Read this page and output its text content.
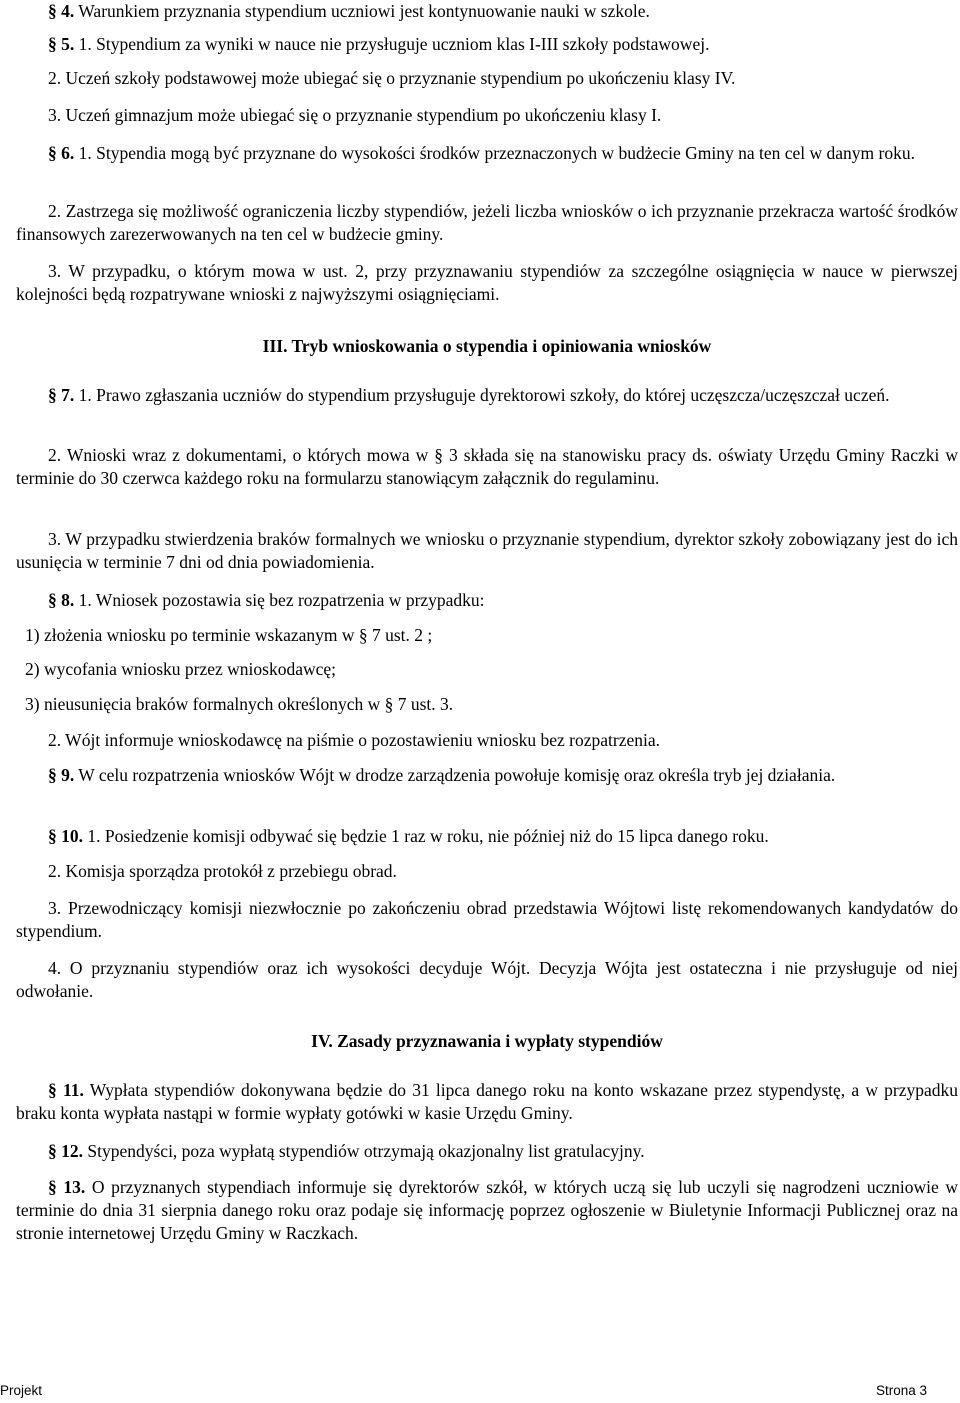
§ 4. Warunkiem przyznania stypendium uczniowi jest kontynuowanie nauki w szkole.

§ 5. 1. Stypendium za wyniki w nauce nie przysługuje uczniom klas I-III szkoły podstawowej.

2. Uczeń szkoły podstawowej może ubiegać się o przyznanie stypendium po ukończeniu klasy IV.

3. Uczeń gimnazjum może ubiegać się o przyznanie stypendium po ukończeniu klasy I.

§ 6. 1. Stypendia mogą być przyznane do wysokości środków przeznaczonych w budżecie Gminy na ten cel w danym roku.

2. Zastrzega się możliwość ograniczenia liczby stypendiów, jeżeli liczba wniosków o ich przyznanie przekracza wartość środków finansowych zarezerwowanych na ten cel w budżecie gminy.

3. W przypadku, o którym mowa w ust. 2, przy przyznawaniu stypendiów za szczególne osiągnięcia w nauce w pierwszej kolejności będą rozpatrywane wnioski z najwyższymi osiągnięciami.

III. Tryb wnioskowania o stypendia i opiniowania wniosków

§ 7. 1. Prawo zgłaszania uczniów do stypendium przysługuje dyrektorowi szkoły, do której uczęszcza/uczęszczał uczeń.

2. Wnioski wraz z dokumentami, o których mowa w § 3 składa się na stanowisku pracy ds. oświaty Urzędu Gminy Raczki w terminie do 30 czerwca każdego roku na formularzu stanowiącym załącznik do regulaminu.

3. W przypadku stwierdzenia braków formalnych we wniosku o przyznanie stypendium, dyrektor szkoły zobowiązany jest do ich usunięcia w terminie 7 dni od dnia powiadomienia.

§ 8. 1. Wniosek pozostawia się bez rozpatrzenia w przypadku:

1) złożenia wniosku po terminie wskazanym w § 7 ust. 2 ;

2) wycofania wniosku przez wnioskodawcę;

3) nieusunięcia braków formalnych określonych w § 7 ust. 3.

2. Wójt informuje wnioskodawcę na piśmie o pozostawieniu wniosku bez rozpatrzenia.

§ 9. W celu rozpatrzenia wniosków Wójt w drodze zarządzenia powołuje komisję oraz określa tryb jej działania.

§ 10. 1. Posiedzenie komisji odbywać się będzie 1 raz w roku, nie później niż do 15 lipca danego roku.

2. Komisja sporządza protokół z przebiegu obrad.

3. Przewodniczący komisji niezwłocznie po zakończeniu obrad przedstawia Wójtowi listę rekomendowanych kandydatów do stypendium.

4. O przyznaniu stypendiów oraz ich wysokości decyduje Wójt. Decyzja Wójta jest ostateczna i nie przysługuje od niej odwołanie.

IV. Zasady przyznawania i wypłaty stypendiów

§ 11. Wypłata stypendiów dokonywana będzie do 31 lipca danego roku na konto wskazane przez stypendystę, a w przypadku braku konta wypłata nastąpi w formie wypłaty gotówki w kasie Urzędu Gminy.

§ 12. Stypendyści, poza wypłatą stypendiów otrzymają okazjonalny list gratulacyjny.

§ 13. O przyznanych stypendiach informuje się dyrektorów szkół, w których uczą się lub uczyli się nagrodzeni uczniowie w terminie do dnia 31 sierpnia danego roku oraz podaje się informację poprzez ogłoszenie w Biuletynie Informacji Publicznej oraz na stronie internetowej Urzędu Gminy w Raczkach.

Projekt	Strona 3
